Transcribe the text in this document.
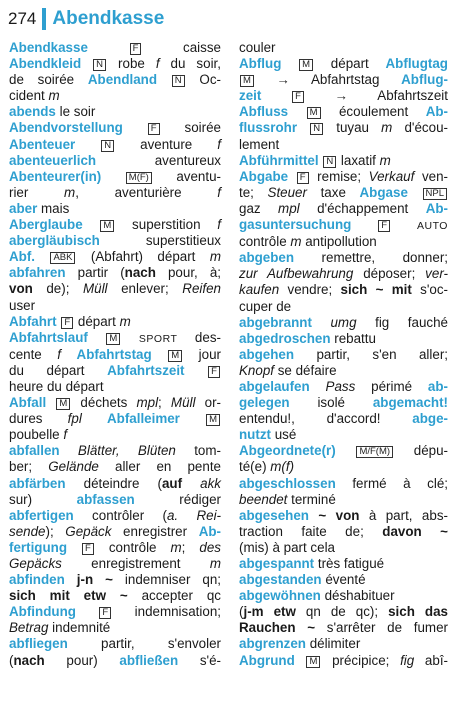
274 Abendkasse
Abendkasse	F caisse
Abendkleid N robe f du soir,
de soirée Abendland N Oc-
cident m
abends le soir
Abendvorstellung	F soirée
Abenteuer	N aventure f
abenteuerlich aventureux
Abenteurer(in)	M(F) aventu-
rier m, aventurière f
aber mais
Aberglaube M superstition f
abergläubisch superstitieux
Abf. ABK (Abfahrt) départ m
abfahren partir (nach pour, à;
von de); Müll enlever; Reifen
user
Abfahrt F départ m
Abfahrtslauf M SPORT des-
cente f Abfahrtstag M jour
du départ Abfahrtszeit	F
heure du départ
Abfall M déchets mpl; Müll or-
dures fpl Abfalleimer	M
poubelle f
abfallen Blätter, Blüten tom-
ber; Gelände aller en pente
abfärben déteindre (auf akk
sur) abfassen rédiger
abfertigen contrôler (a. Rei-
sende); Gepäck enregistrer Ab-
fertigung F contrôle m; des
Gepäcks enregistrement m
abfinden j-n ~ indemniser qn;
sich mit etw ~ accepter qc
Abfindung	F indemnisation;
Betrag indemnité
abfliegen partir, s'envoler
(nach pour) abfließen s'é-
couler
Abflug M départ Abflugtag
M → Abfahrtstag Abflug-
zeit	F → Abfahrtszeit
Abfluss M écoulement Ab-
flussrohr N tuyau m d'écou-
lement
Abführmittel N laxatif m
Abgabe F remise; Verkauf ven-
te; Steuer taxe Abgase NPL
gaz mpl d'échappement Ab-
gasuntersuchung	F	AUTO
contrôle m antipollution
abgeben remettre, donner;
zur Aufbewahrung déposer; ver-
kaufen vendre; sich ~ mit s'oc-
cuper de
abgebrannt umg fig fauché
abgedroschen rebattu
abgehen partir, s'en aller;
Knopf se défaire
abgelaufen Pass périmé ab-
gelegen isolé abgemacht!
entendu!, d'accord! abge-
nutzt usé
Abgeordnete(r) M/F(M) dépu-
té(e) m(f)
abgeschlossen fermé à clé;
beendet terminé
abgesehen ~ von à part, abs-
traction faite de; davon ~
(mis) à part cela
abgespannt très fatigué
abgestanden éventé
abgewöhnen déshabituer
(j-m etw qn de qc); sich das
Rauchen ~ s'arrêter de fumer
abgrenzen délimiter
Abgrund M précipice; fig abî-
